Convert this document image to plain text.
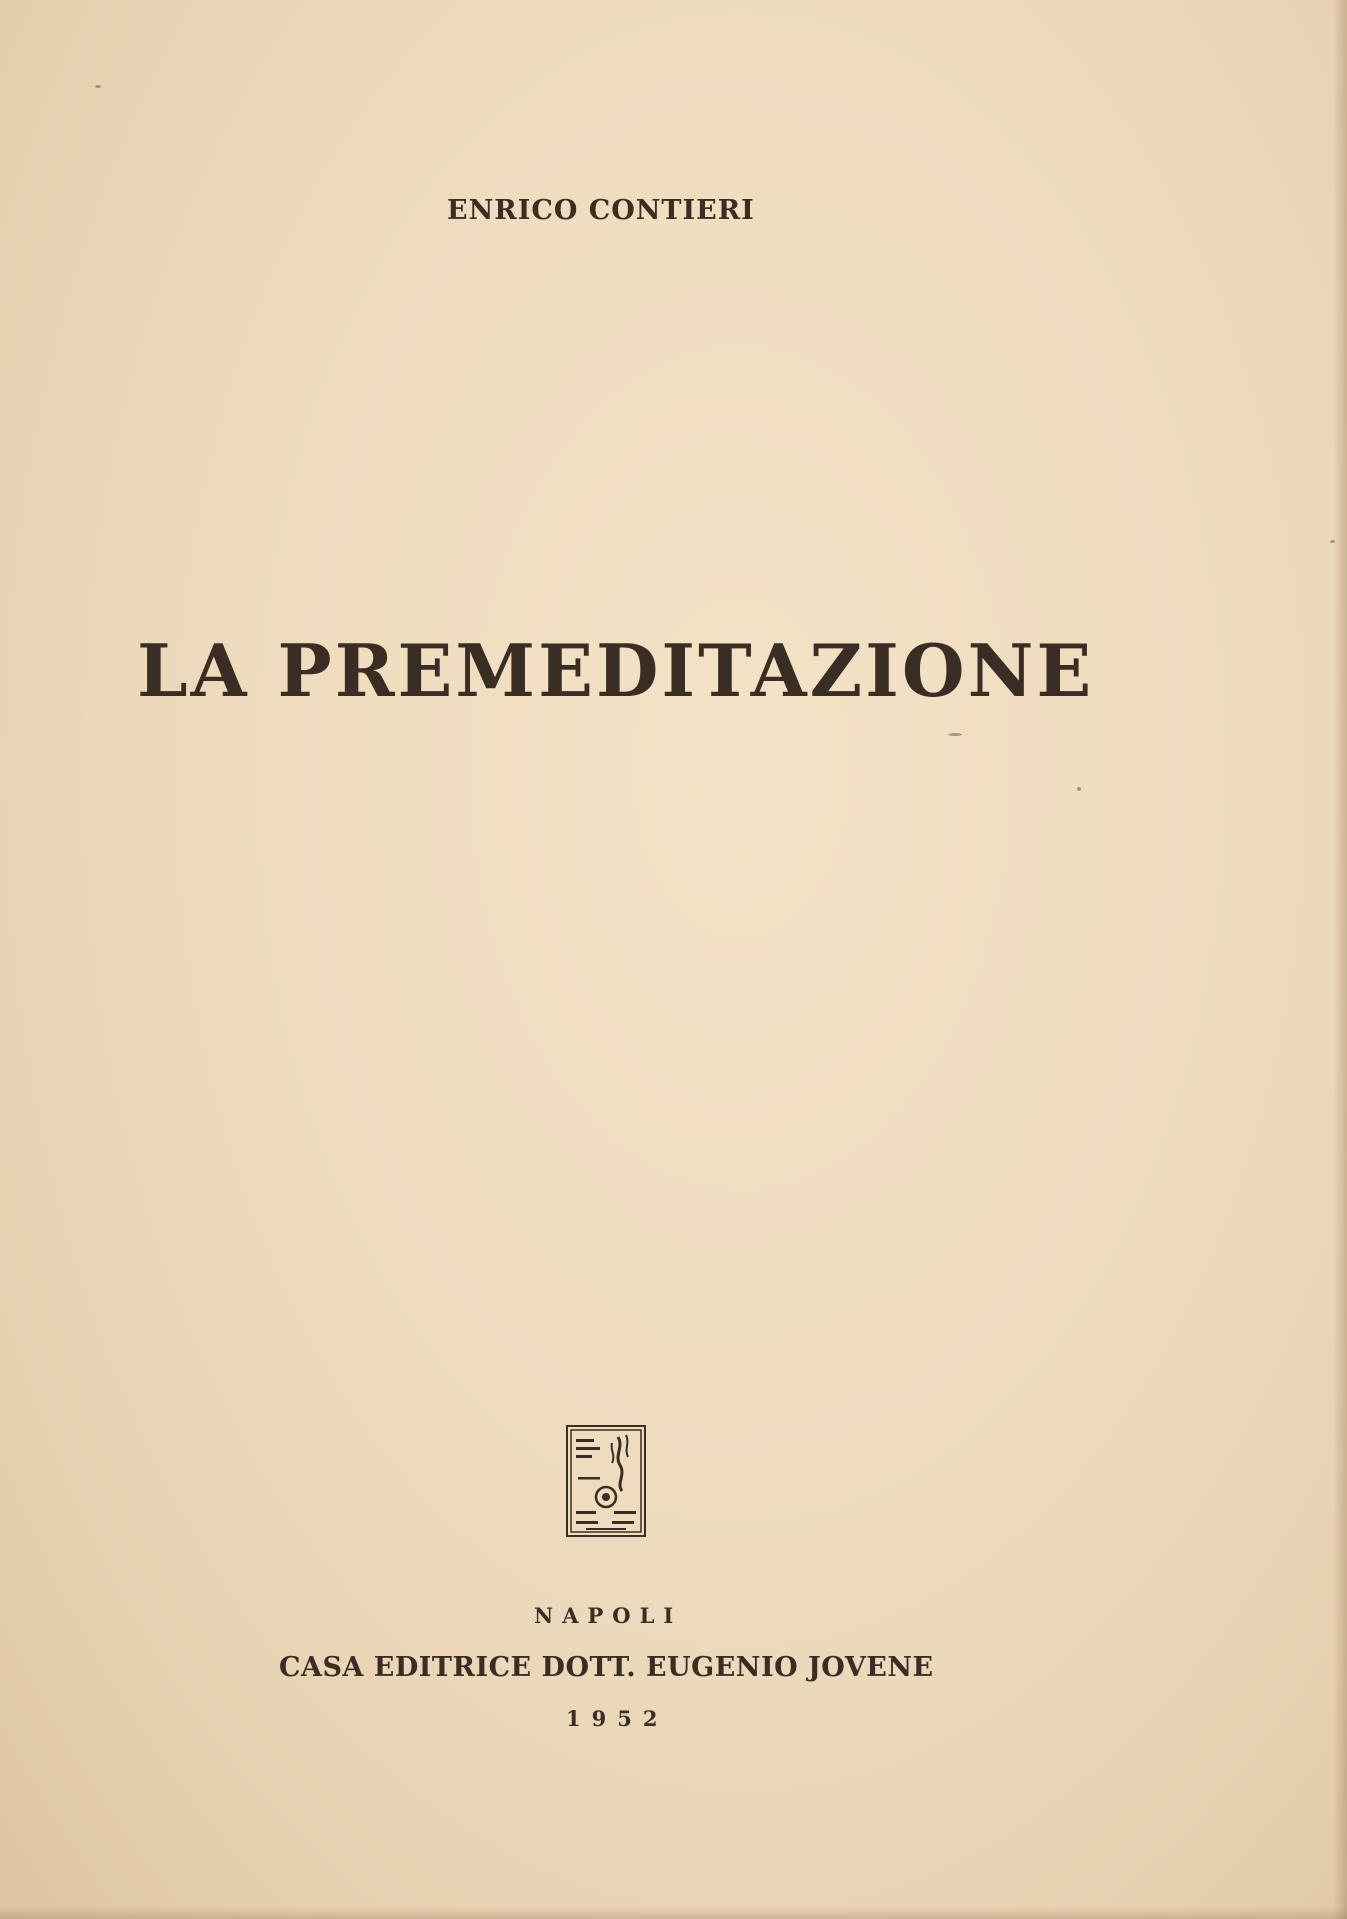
ENRICO CONTIERI
LA PREMEDITAZIONE
NAPOLI
CASA EDITRICE DOTT. EUGENIO JOVENE
1952
